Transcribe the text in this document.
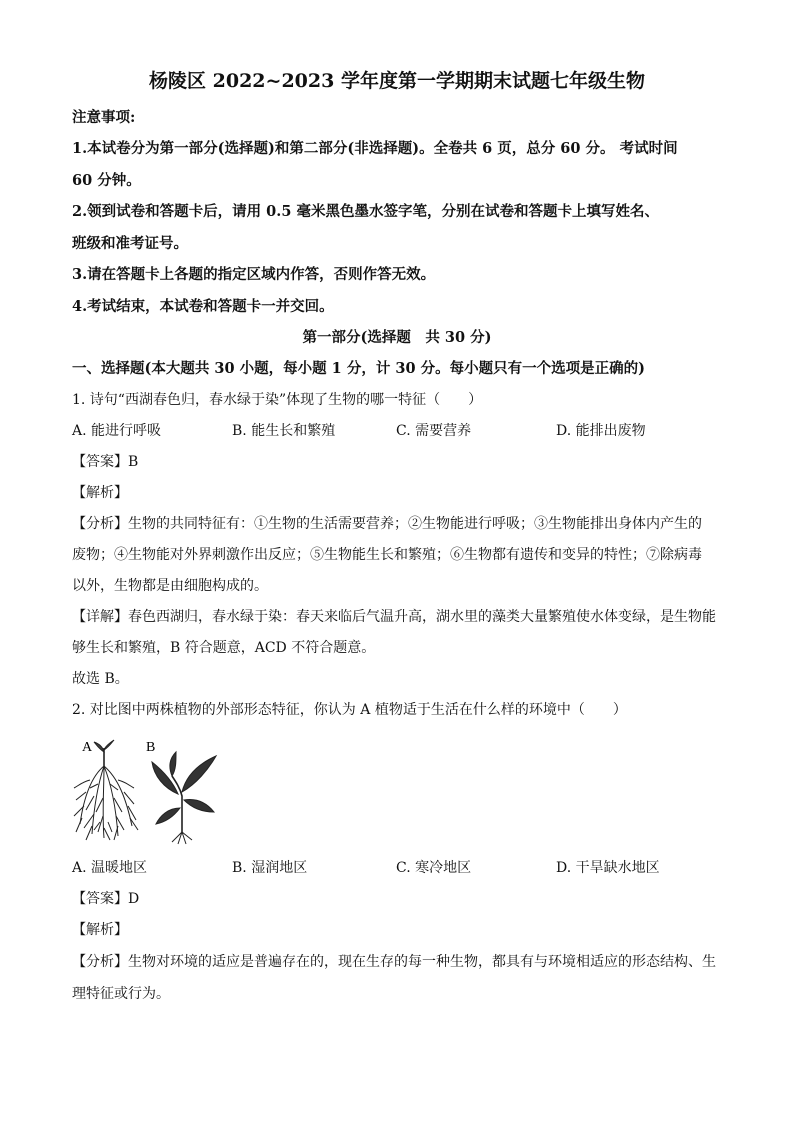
杨陵区 2022~2023 学年度第一学期期末试题七年级生物
注意事项:
1.本试卷分为第一部分(选择题)和第二部分(非选择题)。全卷共 6 页，总分 60 分。 考试时间
60 分钟。
2.领到试卷和答题卡后，请用 0.5 毫米黑色墨水签字笔，分别在试卷和答题卡上填写姓名、
班级和准考证号。
3.请在答题卡上各题的指定区域内作答，否则作答无效。
4.考试结束，本试卷和答题卡一并交回。
第一部分(选择题　共 30 分)
一、选择题(本大题共 30 小题，每小题 1 分，计 30 分。每小题只有一个选项是正确的)
1. 诗句“西湖春色归，春水绿于染”体现了生物的哪一特征（　　）
A. 能进行呼吸	B. 能生长和繁殖	C. 需要营养	D. 能排出废物
【答案】B
【解析】
【分析】生物的共同特征有：①生物的生活需要营养；②生物能进行呼吸；③生物能排出身体内产生的
废物；④生物能对外界刺激作出反应；⑤生物能生长和繁殖；⑥生物都有遗传和变异的特性；⑦除病毒
以外，生物都是由细胞构成的。
【详解】春色西湖归，春水绿于染：春天来临后气温升高，湖水里的藻类大量繁殖使水体变绿，是生物能
够生长和繁殖，B 符合题意，ACD 不符合题意。
故选 B。
2. 对比图中两株植物的外部形态特征，你认为 A 植物适于生活在什么样的环境中（　　）
A	B
A. 温暖地区	B. 湿润地区	C. 寒冷地区	D. 干旱缺水地区
【答案】D
【解析】
【分析】生物对环境的适应是普遍存在的，现在生存的每一种生物，都具有与环境相适应的形态结构、生
理特征或行为。
